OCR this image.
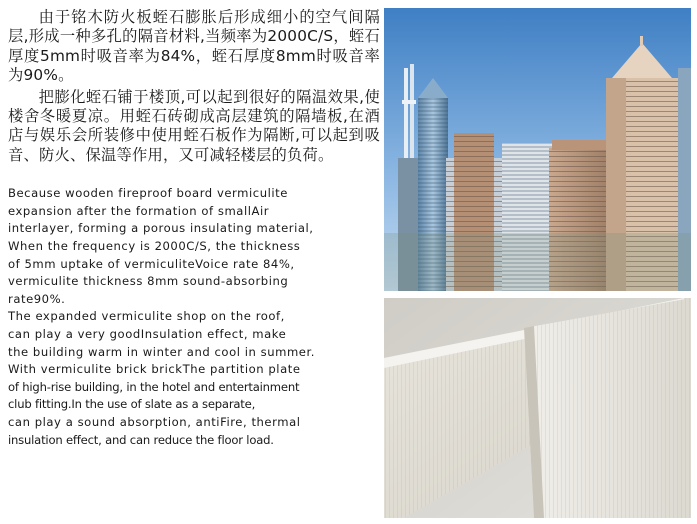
由于铭木防火板蛭石膨胀后形成细小的空气间隔层,形成一种多孔的隔音材料,当频率为2000C/S，蛭石厚度5mm时吸音率为84%，蛭石厚度8mm时吸音率为90%。

把膨化蛭石铺于楼顶,可以起到很好的隔温效果,使楼舍冬暖夏凉。用蛭石砖砌成高层建筑的隔墙板,在酒店与娱乐会所装修中使用蛭石板作为隔断,可以起到吸音、防火、保温等作用，又可减轻楼层的负荷。

Because wooden fireproof board vermiculite

expansion after the formation of smallAir

interlayer, forming a porous insulating material,

When the frequency is 2000C/S, the thickness

of 5mm uptake of vermiculiteVoice rate 84%,

vermiculite thickness 8mm sound-absorbing

rate90%.

The expanded vermiculite shop on the roof,

can play a very goodInsulation effect, make

the building warm in winter and cool in summer.

With vermiculite brick brickThe partition plate

of high-rise building, in the hotel and entertainment

club fitting.In the use of slate as a separate,

can play a sound absorption, antiFire, thermal

insulation effect, and can reduce the floor load.
